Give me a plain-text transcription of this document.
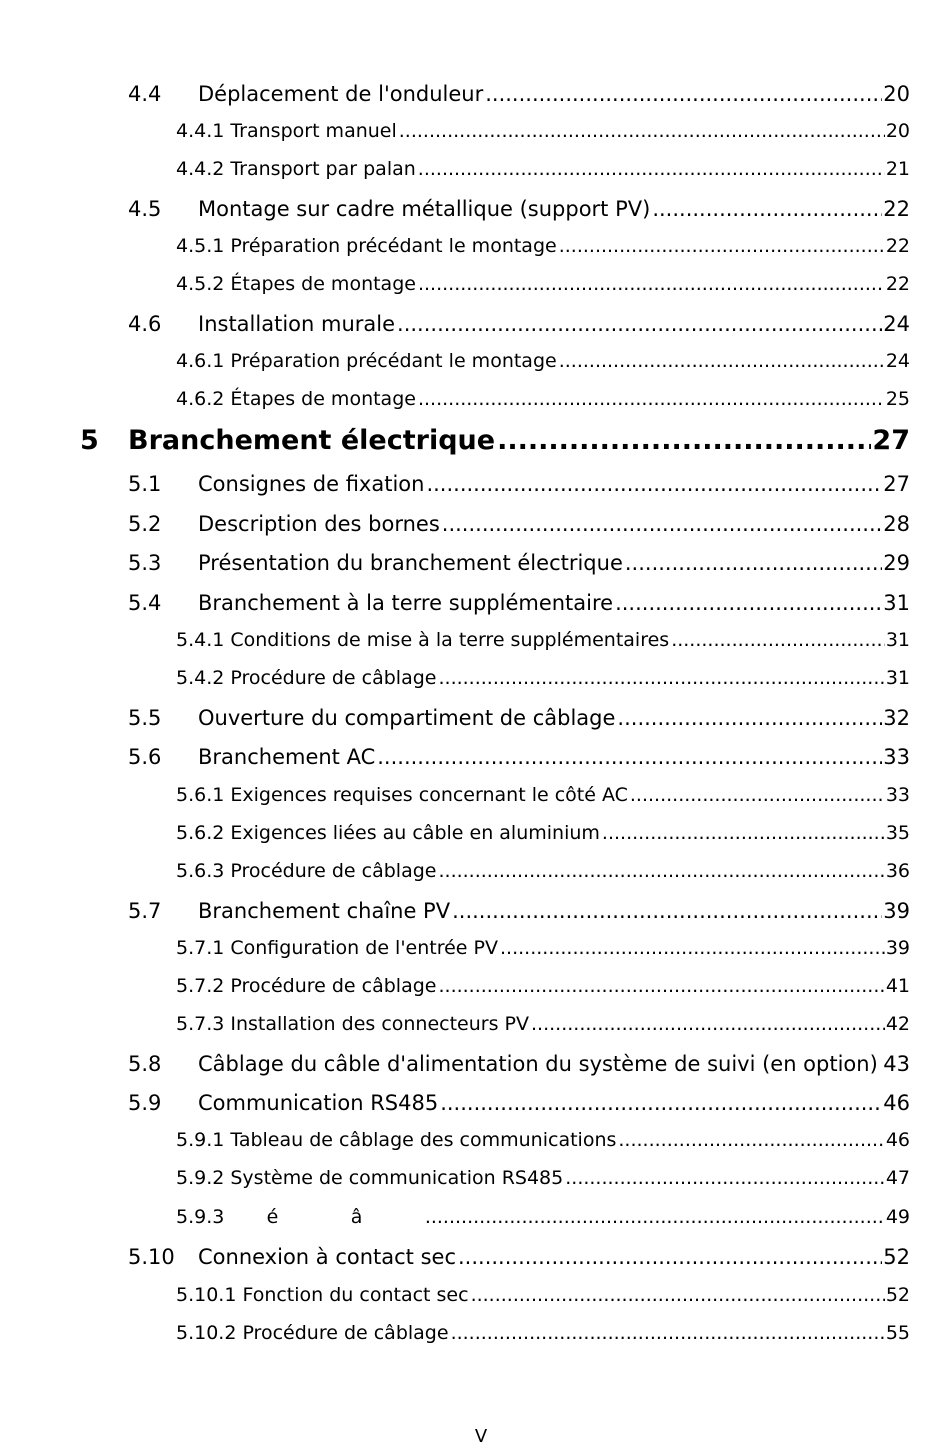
4.4	Déplacement de l'onduleur .....	20
4.4.1 Transport manuel .....	20
4.4.2 Transport par palan .....	21
4.5	Montage sur cadre métallique (support PV) .....	22
4.5.1 Préparation précédant le montage .....	22
4.5.2 Étapes de montage .....	22
4.6	Installation murale .....	24
4.6.1 Préparation précédant le montage .....	24
4.6.2 Étapes de montage .....	25
5	Branchement électrique .....	27
5.1	Consignes de fixation .....	27
5.2	Description des bornes .....	28
5.3	Présentation du branchement électrique .....	29
5.4	Branchement à la terre supplémentaire .....	31
5.4.1 Conditions de mise à la terre supplémentaires .....	31
5.4.2 Procédure de câblage .....	31
5.5	Ouverture du compartiment de câblage .....	32
5.6	Branchement AC .....	33
5.6.1 Exigences requises concernant le côté AC .....	33
5.6.2 Exigences liées au câble en aluminium .....	35
5.6.3 Procédure de câblage .....	36
5.7	Branchement chaîne PV .....	39
5.7.1 Configuration de l'entrée PV .....	39
5.7.2 Procédure de câblage .....	41
5.7.3 Installation des connecteurs PV .....	42
5.8	Câblage du câble d'alimentation du système de suivi (en option) ..... 43
5.9	Communication RS485 .....	46
5.9.1 Tableau de câblage des communications .....	46
5.9.2 Système de communication RS485 .....	47
5.9.3 é            â .....	49
5.10	Connexion à contact sec .....	52
5.10.1 Fonction du contact sec .....	52
5.10.2 Procédure de câblage .....	55
V
